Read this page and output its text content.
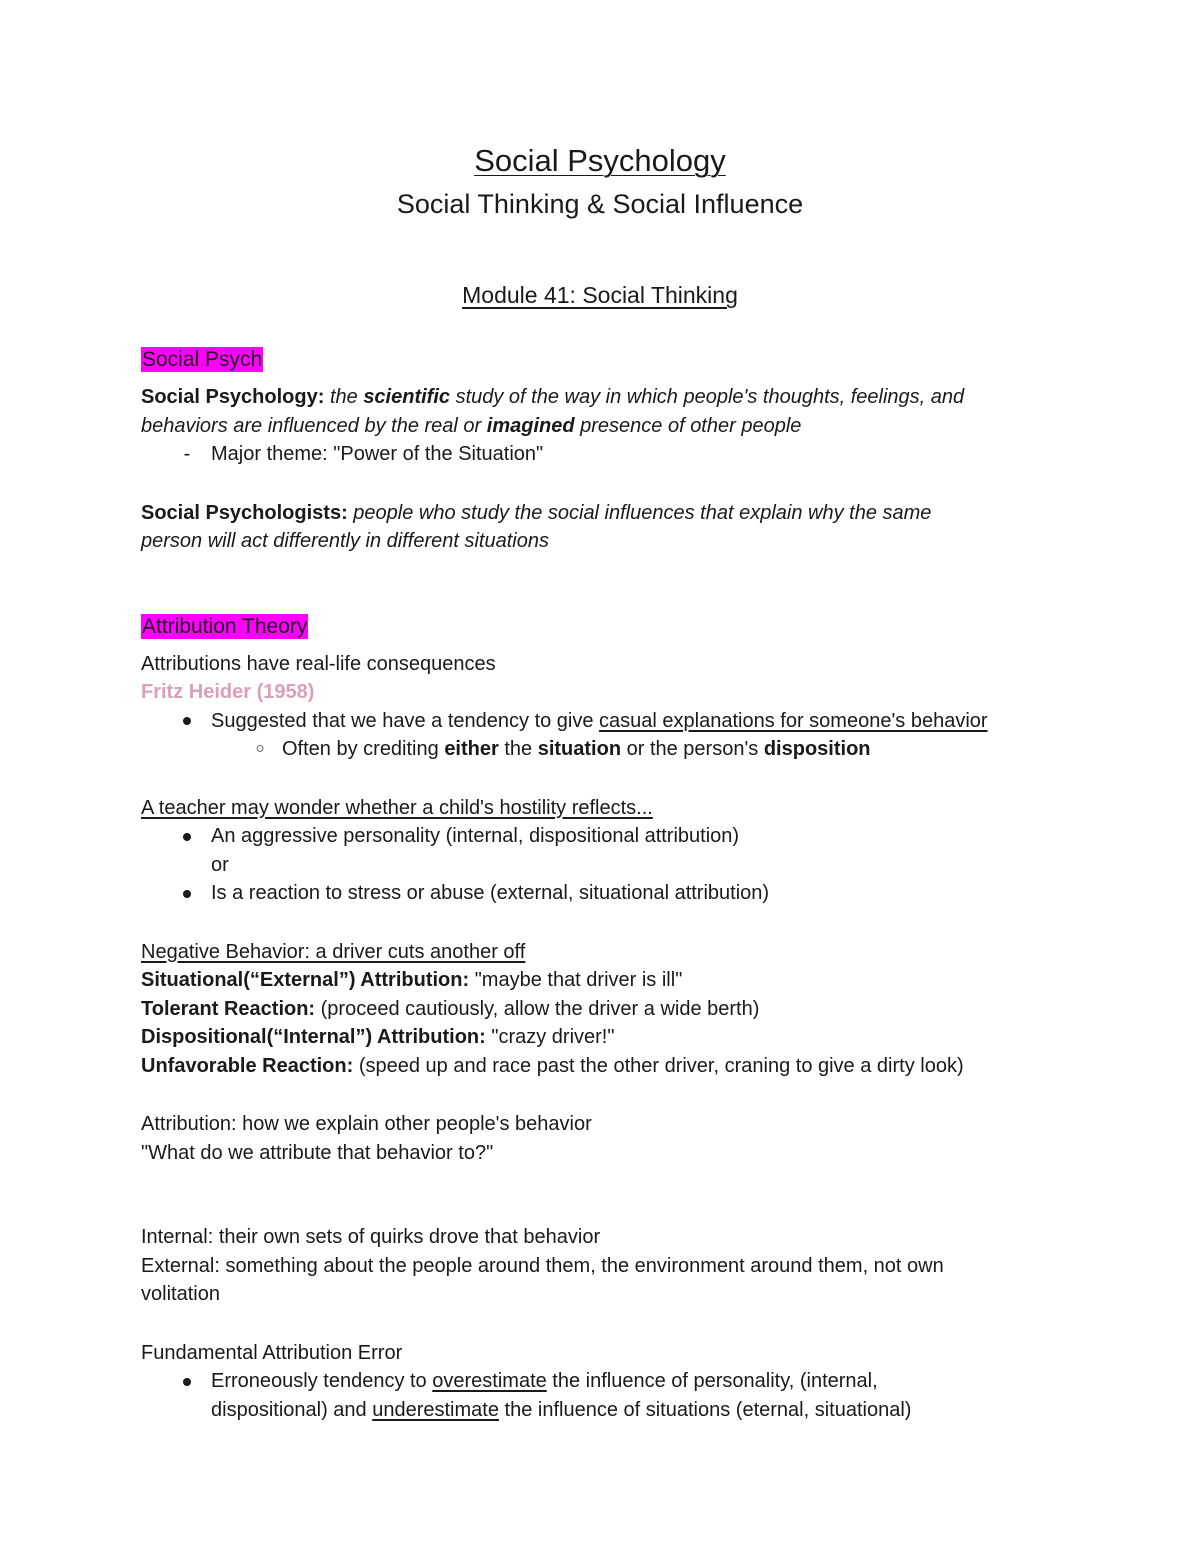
Social Psychology
Social Thinking & Social Influence
Module 41: Social Thinking
Social Psych
Social Psychology: the scientific study of the way in which people's thoughts, feelings, and
behaviors are influenced by the real or imagined presence of other people
-	Major theme: "Power of the Situation"
Social Psychologists: people who study the social influences that explain why the same
person will act differently in different situations
Attribution Theory
Attributions have real-life consequences
Fritz Heider (1958)
Suggested that we have a tendency to give casual explanations for someone's behavior
○ Often by crediting either the situation or the person's disposition
A teacher may wonder whether a child's hostility reflects...
An aggressive personality (internal, dispositional attribution)
or
Is a reaction to stress or abuse (external, situational attribution)
Negative Behavior: a driver cuts another off
Situational(“External”) Attribution: "maybe that driver is ill"
Tolerant Reaction: (proceed cautiously, allow the driver a wide berth)
Dispositional(“Internal”) Attribution: "crazy driver!"
Unfavorable Reaction: (speed up and race past the other driver, craning to give a dirty look)
Attribution: how we explain other people's behavior
"What do we attribute that behavior to?"
Internal: their own sets of quirks drove that behavior
External: something about the people around them, the environment around them, not own
volitation
Fundamental Attribution Error
Erroneously tendency to overestimate the influence of personality, (internal,
dispositional) and underestimate the influence of situations (eternal, situational)
